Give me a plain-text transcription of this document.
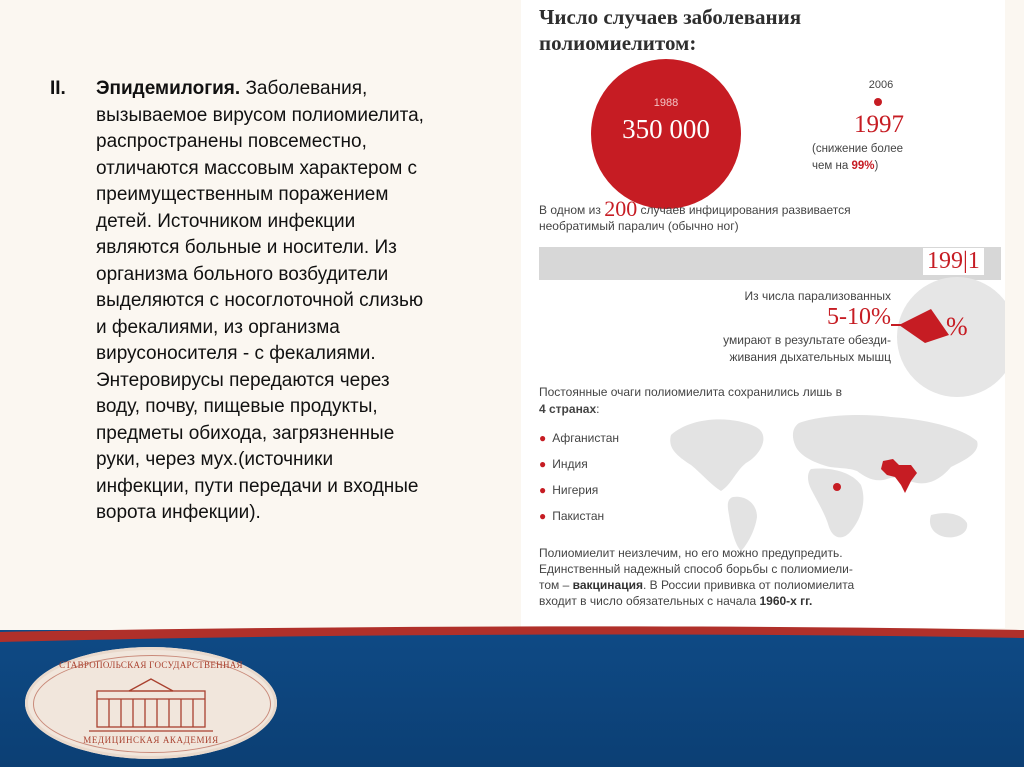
II. Эпидемилогия. Заболевания,
вызываемое вирусом полиомиелита,
распространены повсеместно,
отличаются массовым характером с
преимущественным поражением
детей. Источником инфекции
являются больные и носители. Из
организма больного возбудители
выделяются с носоглоточной слизью
и фекалиями, из организма
вирусоносителя - с фекалиями.
Энтеровирусы передаются через
воду, почву, пищевые продукты,
предметы обихода, загрязненные
руки, через мух.(источники
инфекции, пути передачи и входные
ворота инфекции).
Число случаев заболевания
полиомиелитом:
1988
350 000
2006
1997
(снижение более
чем на 99%)
В одном из 200 случаев инфицирования развивается
необратимый паралич (обычно ног)
199|1
%
Из числа парализованных
5-10%
умирают в результате обезди-
живания дыхательных мышц
Постоянные очаги полиомиелита сохранились лишь в
4 странах:
● Афганистан
● Индия
● Нигерия
● Пакистан
Полиомиелит неизлечим, но его можно предупредить.
Единственный надежный способ борьбы с полиомиели-
том – вакцинация. В России прививка от полиомиелита
входит в число обязательных с начала 1960-х гг.
СТАВРОПОЛЬСКАЯ ГОСУДАРСТВЕННАЯ
МЕДИЦИНСКАЯ АКАДЕМИЯ
